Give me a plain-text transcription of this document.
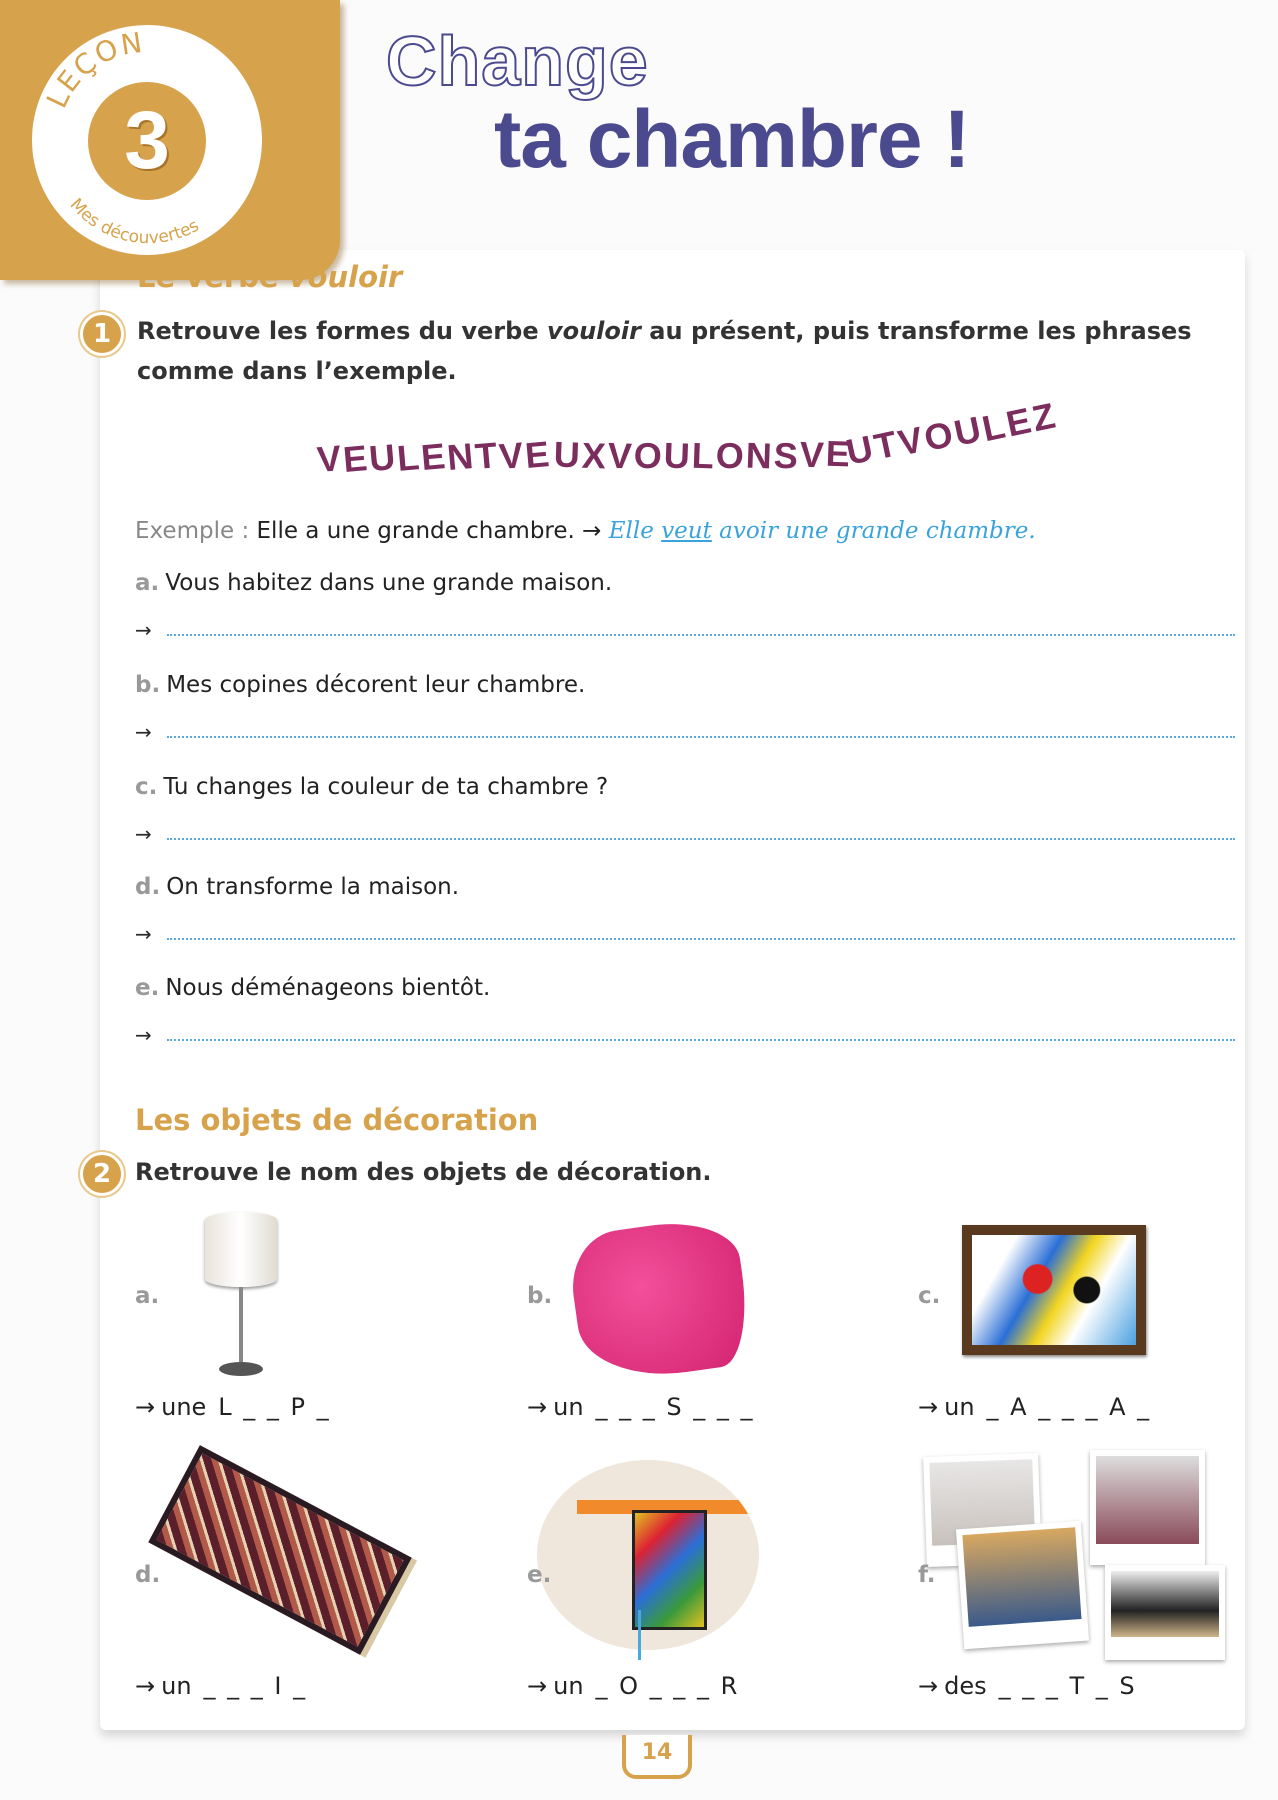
LEÇON
Mes découvertes
3
Change
ta chambre !
Le verbe vouloir
1	Retrouve les formes du verbe vouloir au présent, puis transforme les phrases
comme dans l’exemple.
V
E
U
L
E
N
T
V
E U X V O U L O N S V E
U
T
V
O
U
L
E
Z
Exemple : Elle a une grande chambre. → Elle veut avoir une grande chambre.
a. Vous habitez dans une grande maison.
→
b. Mes copines décorent leur chambre.
→
c. Tu changes la couleur de ta chambre ?
→
d. On transforme la maison.
→
e. Nous déménageons bientôt.
→
Les objets de décoration
2 Retrouve le nom des objets de décoration.
a.
→ une L _ _ P _
b.
→ un _ _ _ S _ _ _
c.
→ un _ A _ _ _ A _
d.
→ un _ _ _ I _
e.
→ un _ O _ _ _ R
f.
→ des _ _ _ T _ S
14
